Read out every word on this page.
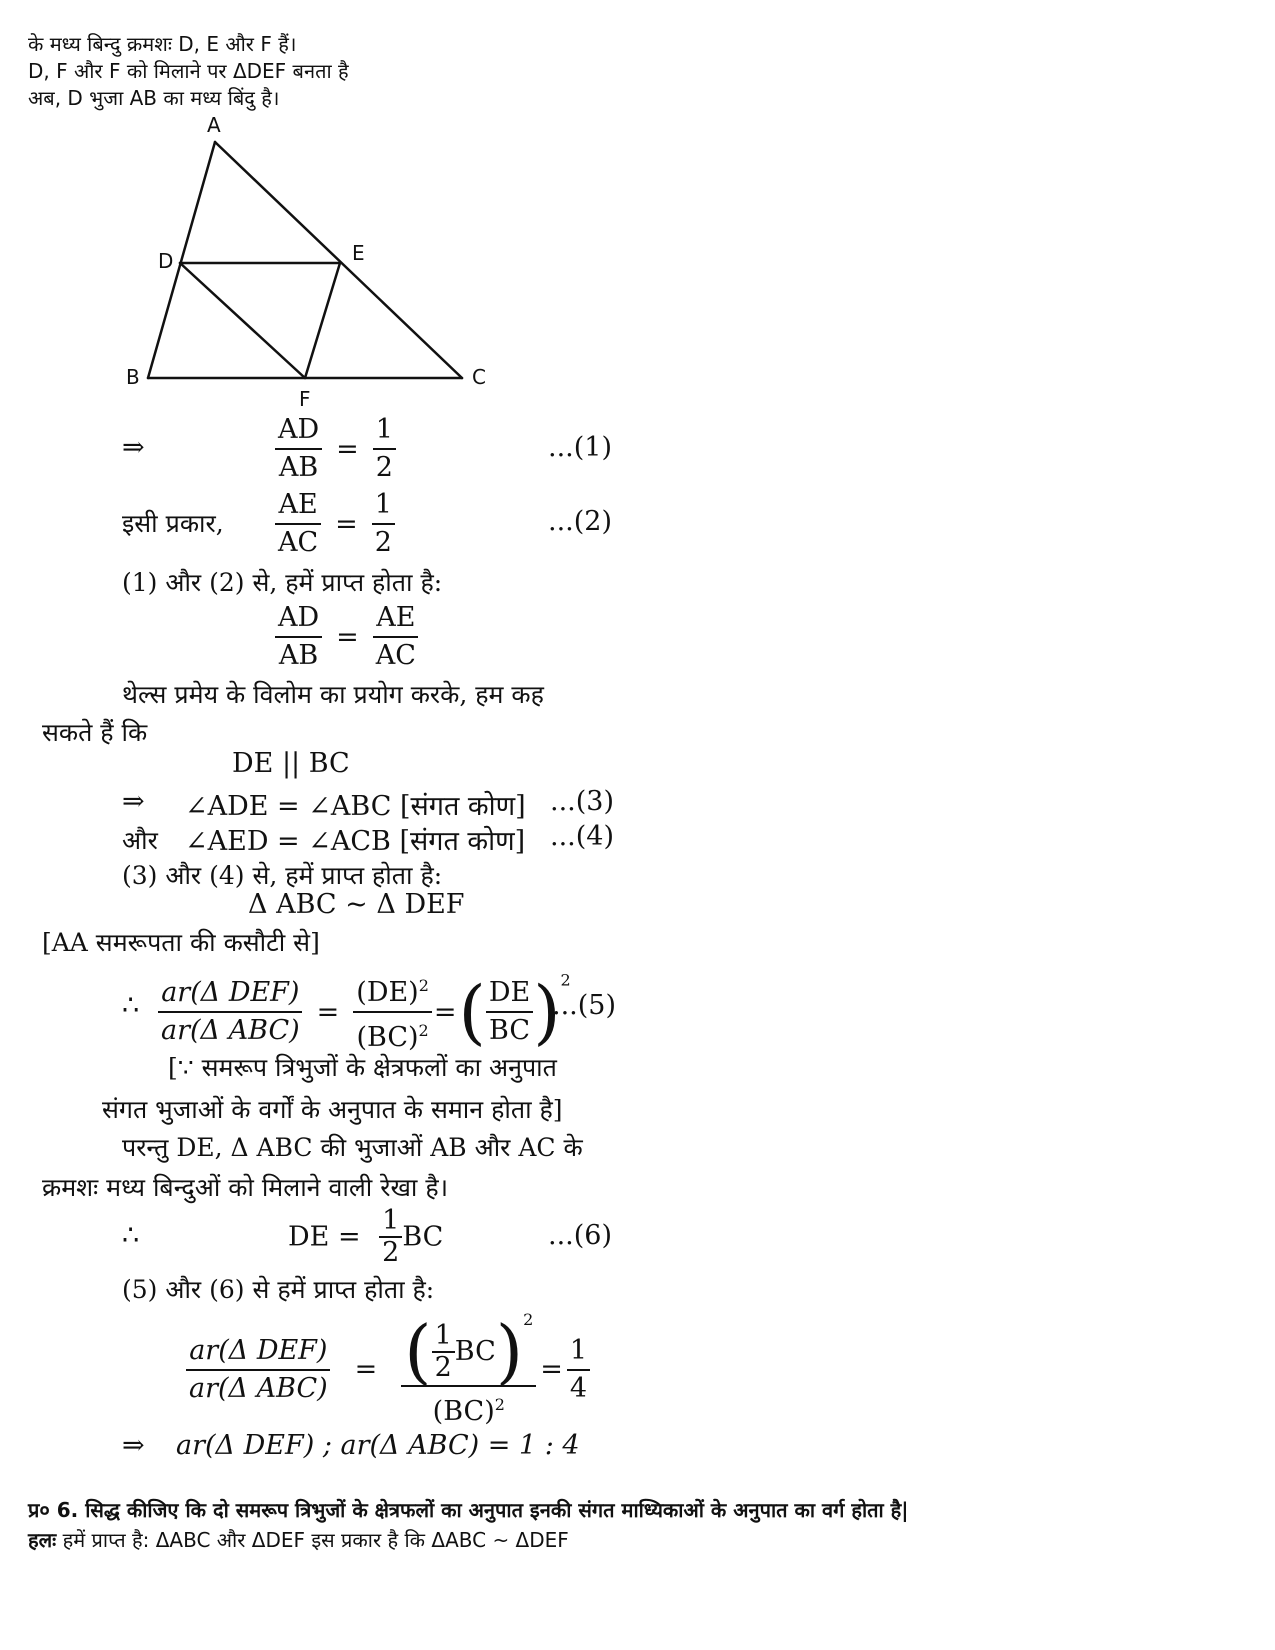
के मध्य बिन्दु क्रमशः D, E और F हैं।
D, F और F को मिलाने पर ΔDEF बनता है
अब, D भुजा AB का मध्य बिंदु है।
A
B	C
D	E
F
⇒	$\frac{AD}{AB} = \frac{1}{2}$	...(1)
इसी प्रकार, $\frac{AE}{AC} = \frac{1}{2}$	...(2)
(1) और (2) से, हमें प्राप्त होता है:
$\frac{AD}{AB} = \frac{AE}{AC}$
थेल्स प्रमेय के विलोम का प्रयोग करके, हम कह
सकते हैं कि
DE || BC
⇒ ∠ADE = ∠ABC [संगत कोण] ...(3)
और ∠AED = ∠ACB [संगत कोण] ...(4)
(3) और (4) से, हमें प्राप्त होता है:
Δ ABC ~ Δ DEF
[AA समरूपता की कसौटी से]
∴ $\frac{\text{ar(Δ DEF)}}{\text{ar(Δ ABC)}} = \frac{(DE)^2}{(BC)^2}$ =( $\frac{DE}{BC} )^2$
...(5)
[∵ समरूप त्रिभुजों के क्षेत्रफलों का अनुपात
संगत भुजाओं के वर्गों के अनुपात के समान होता है]
परन्तु DE, Δ ABC की भुजाओं AB और AC के
क्रमशः मध्य बिन्दुओं को मिलाने वाली रेखा है।
∴	DE = $\frac{1}{2}$ BC	...(6)
(5) और (6) से हमें प्राप्त होता है:
$\frac{\text{ar(Δ DEF)}}{\text{ar(Δ ABC)}} = \frac{( \frac{1}{2} BC)^2}{(BC)^2} = \frac{1}{4}$
⇒ ar(Δ DEF) ; ar(Δ ABC) = 1 : 4
प्र० 6. सिद्ध कीजिए कि दो समरूप त्रिभुजों के क्षेत्रफलों का अनुपात इनकी संगत माध्यिकाओं के अनुपात का वर्ग होता है|
हलः हमें प्राप्त है: ΔABC और ΔDEF इस प्रकार है कि ΔABC ~ ΔDEF
